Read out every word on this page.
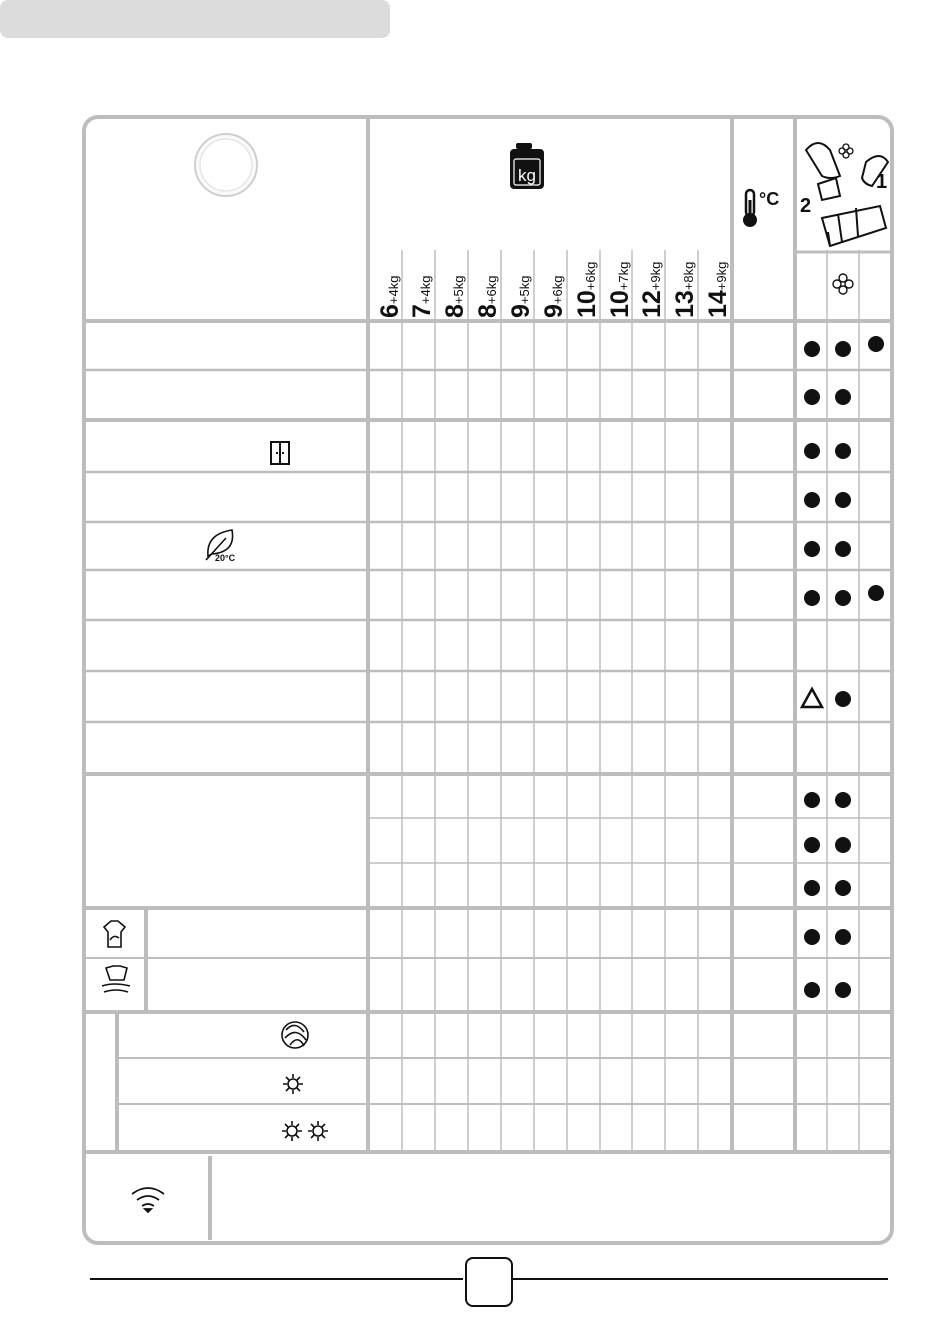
kg
°C
1
2
20°C
6+4kg
7+4kg
8+5kg
8+6kg
9+5kg
9+6kg 10+6kg
10+7kg
12+9kg
13+8kg
14+9kg
